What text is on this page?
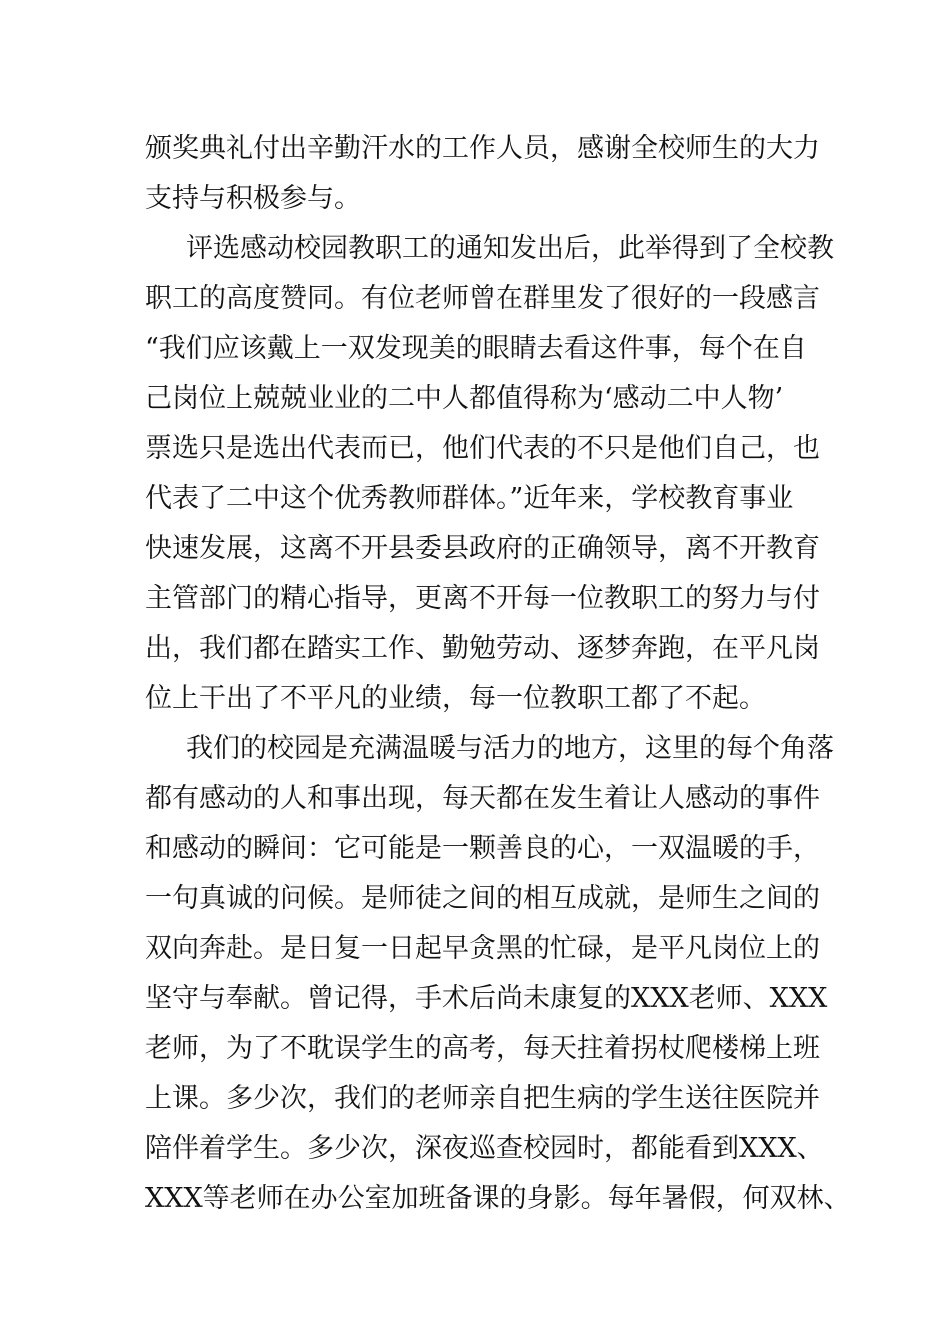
颁奖典礼付出辛勤汗水的工作人员，感谢全校师生的大力
支持与积极参与。
评选感动校园教职工的通知发出后，此举得到了全校教
职工的高度赞同。有位老师曾在群里发了很好的一段感言
“我们应该戴上一双发现美的眼睛去看这件事，每个在自
己岗位上兢兢业业的二中人都值得称为‘感动二中人物’
票选只是选出代表而已，他们代表的不只是他们自己，也
代表了二中这个优秀教师群体。”近年来，学校教育事业
快速发展，这离不开县委县政府的正确领导，离不开教育
主管部门的精心指导，更离不开每一位教职工的努力与付
出，我们都在踏实工作、勤勉劳动、逐梦奔跑，在平凡岗
位上干出了不平凡的业绩，每一位教职工都了不起。
我们的校园是充满温暖与活力的地方，这里的每个角落
都有感动的人和事出现，每天都在发生着让人感动的事件
和感动的瞬间：它可能是一颗善良的心，一双温暖的手，
一句真诚的问候。是师徒之间的相互成就，是师生之间的
双向奔赴。是日复一日起早贪黑的忙碌，是平凡岗位上的
坚守与奉献。曾记得，手术后尚未康复的XXX老师、XXX
老师，为了不耽误学生的高考，每天拄着拐杖爬楼梯上班
上课。多少次，我们的老师亲自把生病的学生送往医院并
陪伴着学生。多少次，深夜巡查校园时，都能看到XXX、
XXX等老师在办公室加班备课的身影。每年暑假，何双林、
